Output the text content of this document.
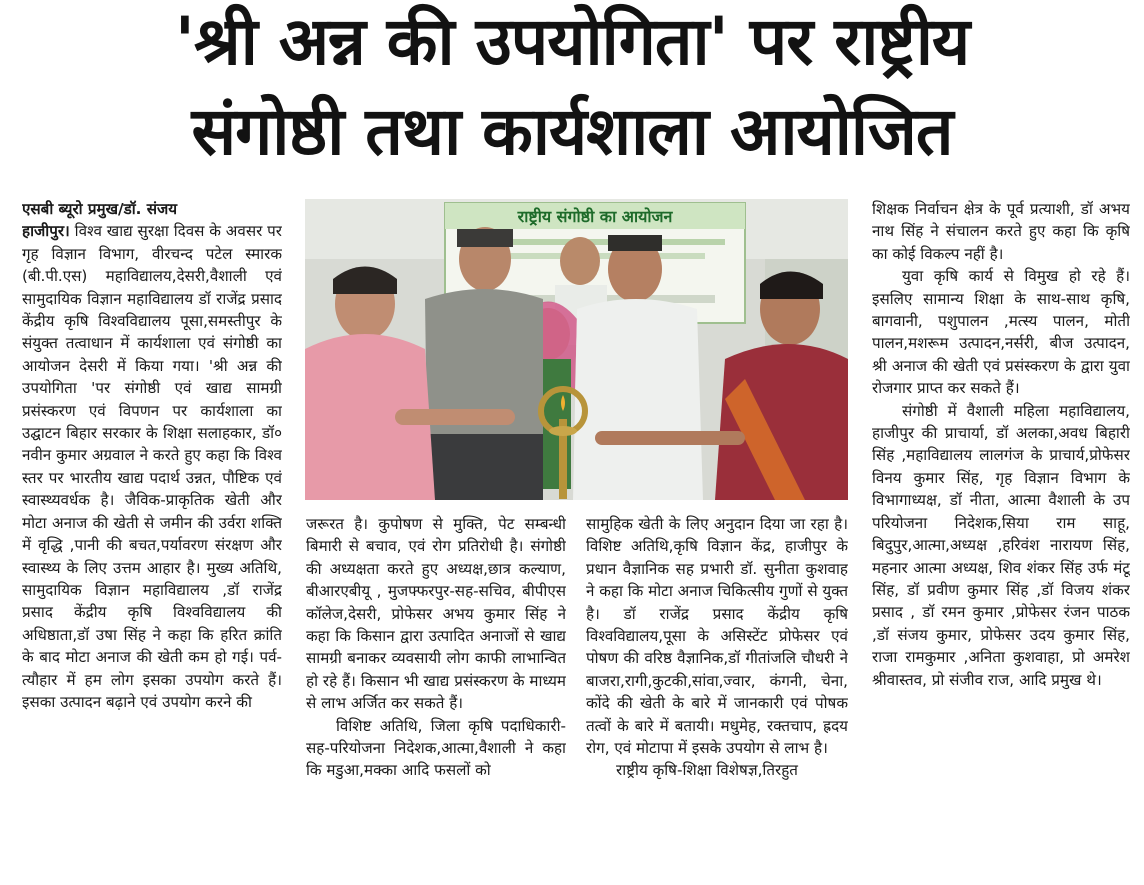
'श्री अन्न की उपयोगिता' पर राष्ट्रीय
संगोष्ठी तथा कार्यशाला आयोजित

एसबी ब्यूरो प्रमुख/डॉ. संजय
हाजीपुर। विश्व खाद्य सुरक्षा दिवस के अवसर पर गृह विज्ञान विभाग, वीरचन्द पटेल स्मारक (बी.पी.एस) महाविद्यालय,देसरी,वैशाली एवं सामुदायिक विज्ञान महाविद्यालय डॉ राजेंद्र प्रसाद केंद्रीय कृषि विश्वविद्यालय पूसा,समस्तीपुर के संयुक्त तत्वाधान में कार्यशाला एवं संगोष्ठी का आयोजन देसरी में किया गया। 'श्री अन्न की उपयोगिता 'पर संगोष्ठी एवं खाद्य सामग्री प्रसंस्करण एवं विपणन पर कार्यशाला का उद्घाटन बिहार सरकार के शिक्षा सलाहकार, डॉ० नवीन कुमार अग्रवाल ने करते हुए कहा कि विश्व स्तर पर भारतीय खाद्य पदार्थ उन्नत, पौष्टिक एवं स्वास्थ्यवर्धक है। जैविक-प्राकृतिक खेती और मोटा अनाज की खेती से जमीन की उर्वरा शक्ति में वृद्धि ,पानी की बचत,पर्यावरण संरक्षण और स्वास्थ्य के लिए उत्तम आहार है। मुख्य अतिथि, सामुदायिक विज्ञान महाविद्यालय ,डॉ राजेंद्र प्रसाद केंद्रीय कृषि विश्वविद्यालय की अधिष्ठाता,डॉ उषा सिंह ने कहा कि हरित क्रांति के बाद मोटा अनाज की खेती कम हो गई। पर्व-त्यौहार में हम लोग इसका उपयोग करते हैं।इसका उत्पादन बढ़ाने एवं उपयोग करने की

राष्ट्रीय संगोष्ठी का आयोजन

जरूरत है। कुपोषण से मुक्ति, पेट सम्बन्धी बिमारी से बचाव, एवं रोग प्रतिरोधी है। संगोष्ठी की अध्यक्षता करते हुए अध्यक्ष,छात्र कल्याण, बीआरएबीयू , मुजफ्फरपुर-सह-सचिव, बीपीएस कॉलेज,देसरी, प्रोफेसर अभय कुमार सिंह ने कहा कि किसान द्वारा उत्पादित अनाजों से खाद्य सामग्री बनाकर व्यवसायी लोग काफी लाभान्वित हो रहे हैं। किसान भी खाद्य प्रसंस्करण के माध्यम से लाभ अर्जित कर सकते हैं।

विशिष्ट अतिथि, जिला कृषि पदाधिकारी-सह-परियोजना निदेशक,आत्मा,वैशाली ने कहा कि मडुआ,मक्का आदि फसलों को

सामुहिक खेती के लिए अनुदान दिया जा रहा है। विशिष्ट अतिथि,कृषि विज्ञान केंद्र, हाजीपुर के प्रधान वैज्ञानिक सह प्रभारी डॉ. सुनीता कुशवाह ने कहा कि मोटा अनाज चिकित्सीय गुणों से युक्त है। डॉ राजेंद्र प्रसाद केंद्रीय कृषि विश्वविद्यालय,पूसा के असिस्टेंट प्रोफेसर एवं पोषण की वरिष्ठ वैज्ञानिक,डॉ गीतांजलि चौधरी ने बाजरा,रागी,कुटकी,सांवा,ज्वार, कंगनी, चेना, कोंदे की खेती के बारे में जानकारी एवं पोषक तत्वों के बारे में बतायी। मधुमेह, रक्तचाप, ह्रदय रोग, एवं मोटापा में इसके उपयोग से लाभ है।

राष्ट्रीय कृषि-शिक्षा विशेषज्ञ,तिरहुत

शिक्षक निर्वाचन क्षेत्र के पूर्व प्रत्याशी, डॉ अभय नाथ सिंह ने संचालन करते हुए कहा कि कृषि का कोई विकल्प नहीं है।

युवा कृषि कार्य से विमुख हो रहे हैं। इसलिए सामान्य शिक्षा के साथ-साथ कृषि, बागवानी, पशुपालन ,मत्स्य पालन, मोती पालन,मशरूम उत्पादन,नर्सरी, बीज उत्पादन, श्री अनाज की खेती एवं प्रसंस्करण के द्वारा युवा रोजगार प्राप्त कर सकते हैं।

संगोष्ठी में वैशाली महिला महाविद्यालय, हाजीपुर की प्राचार्या, डॉ अलका,अवध बिहारी सिंह ,महाविद्यालय लालगंज के प्राचार्य,प्रोफेसर विनय कुमार सिंह, गृह विज्ञान विभाग के विभागाध्यक्ष, डॉ नीता, आत्मा वैशाली के उप परियोजना निदेशक,सिया राम साहू, बिदुपुर,आत्मा,अध्यक्ष ,हरिवंश नारायण सिंह, महनार आत्मा अध्यक्ष, शिव शंकर सिंह उर्फ मंटू सिंह, डॉ प्रवीण कुमार सिंह ,डॉ विजय शंकर प्रसाद , डॉ रमन कुमार ,प्रोफेसर रंजन पाठक ,डॉ संजय कुमार, प्रोफेसर उदय कुमार सिंह, राजा रामकुमार ,अनिता कुशवाहा, प्रो अमरेश श्रीवास्तव, प्रो संजीव राज, आदि प्रमुख थे।
